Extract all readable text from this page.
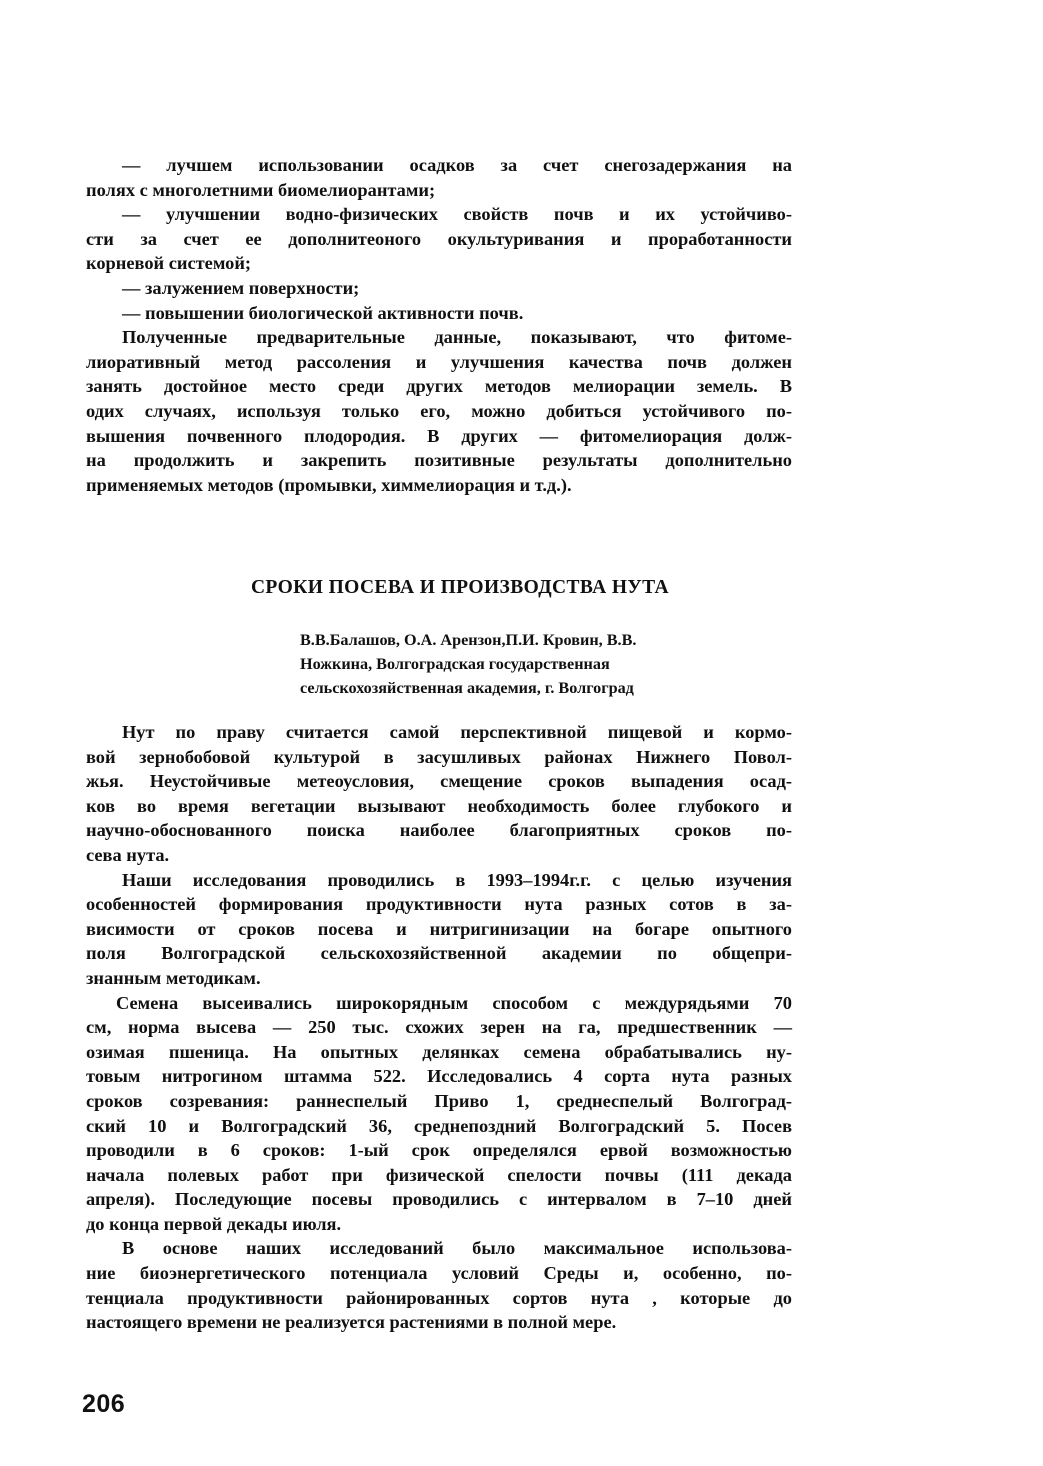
— лучшем использовании осадков за счет снегозадержания на
полях с многолетними биомелиорантами;
— улучшении водно-физических свойств почв и их устойчиво-
сти за счет ее дополнитеоного окультуривания и проработанности
корневой системой;
— залужением поверхности;
— повышении биологической активности почв.
Полученные предварительные данные, показывают, что фитоме-
лиоративный метод рассоления и улучшения качества почв должен
занять достойное место среди других методов мелиорации земель. В
одих случаях, используя только его, можно добиться устойчивого по-
вышения почвенного плодородия. В других — фитомелиорация долж-
на продолжить и закрепить позитивные результаты дополнительно
применяемых методов (промывки, химмелиорация и т.д.).
СРОКИ ПОСЕВА И ПРОИЗВОДСТВА НУТА
В.В.Балашов, О.А. Арензон,П.И. Кровин, В.В.
Ножкина, Волгоградская государственная
сельскохозяйственная академия, г. Волгоград
Нут по праву считается самой перспективной пищевой и кормо-
вой зернобобовой культурой в засушливых районах Нижнего Повол-
жья. Неустойчивые метеоусловия, смещение сроков выпадения осад-
ков во время вегетации вызывают необходимость более глубокого и
научно-обоснованного поиска наиболее благоприятных сроков по-
сева нута.
Наши исследования проводились в 1993–1994г.г. с целью изучения
особенностей формирования продуктивности нута разных сотов в за-
висимости от сроков посева и нитригинизации на богаре опытного
поля Волгоградской сельскохозяйственной академии по общепри-
знанным методикам.
Семена высеивались широкорядным способом с междурядьями 70
см, норма высева — 250 тыс. схожих зерен на га, предшественник —
озимая пшеница. На опытных делянках семена обрабатывались ну-
товым нитрогином штамма 522. Исследовались 4 сорта нута разных
сроков созревания: раннеспелый Приво 1, среднеспелый Волгоград-
ский 10 и Волгоградский 36, среднепоздний Волгоградский 5. Посев
проводили в 6 сроков: 1-ый срок определялся ервой возможностью
начала полевых работ при физической спелости почвы (111 декада
апреля). Последующие посевы проводились с интервалом в 7–10 дней
до конца первой декады июля.
В основе наших исследований было максимальное использова-
ние биоэнергетического потенциала условий Среды и, особенно, по-
тенциала продуктивности районированных сортов нута , которые до
настоящего времени не реализуется растениями в полной мере.
206
